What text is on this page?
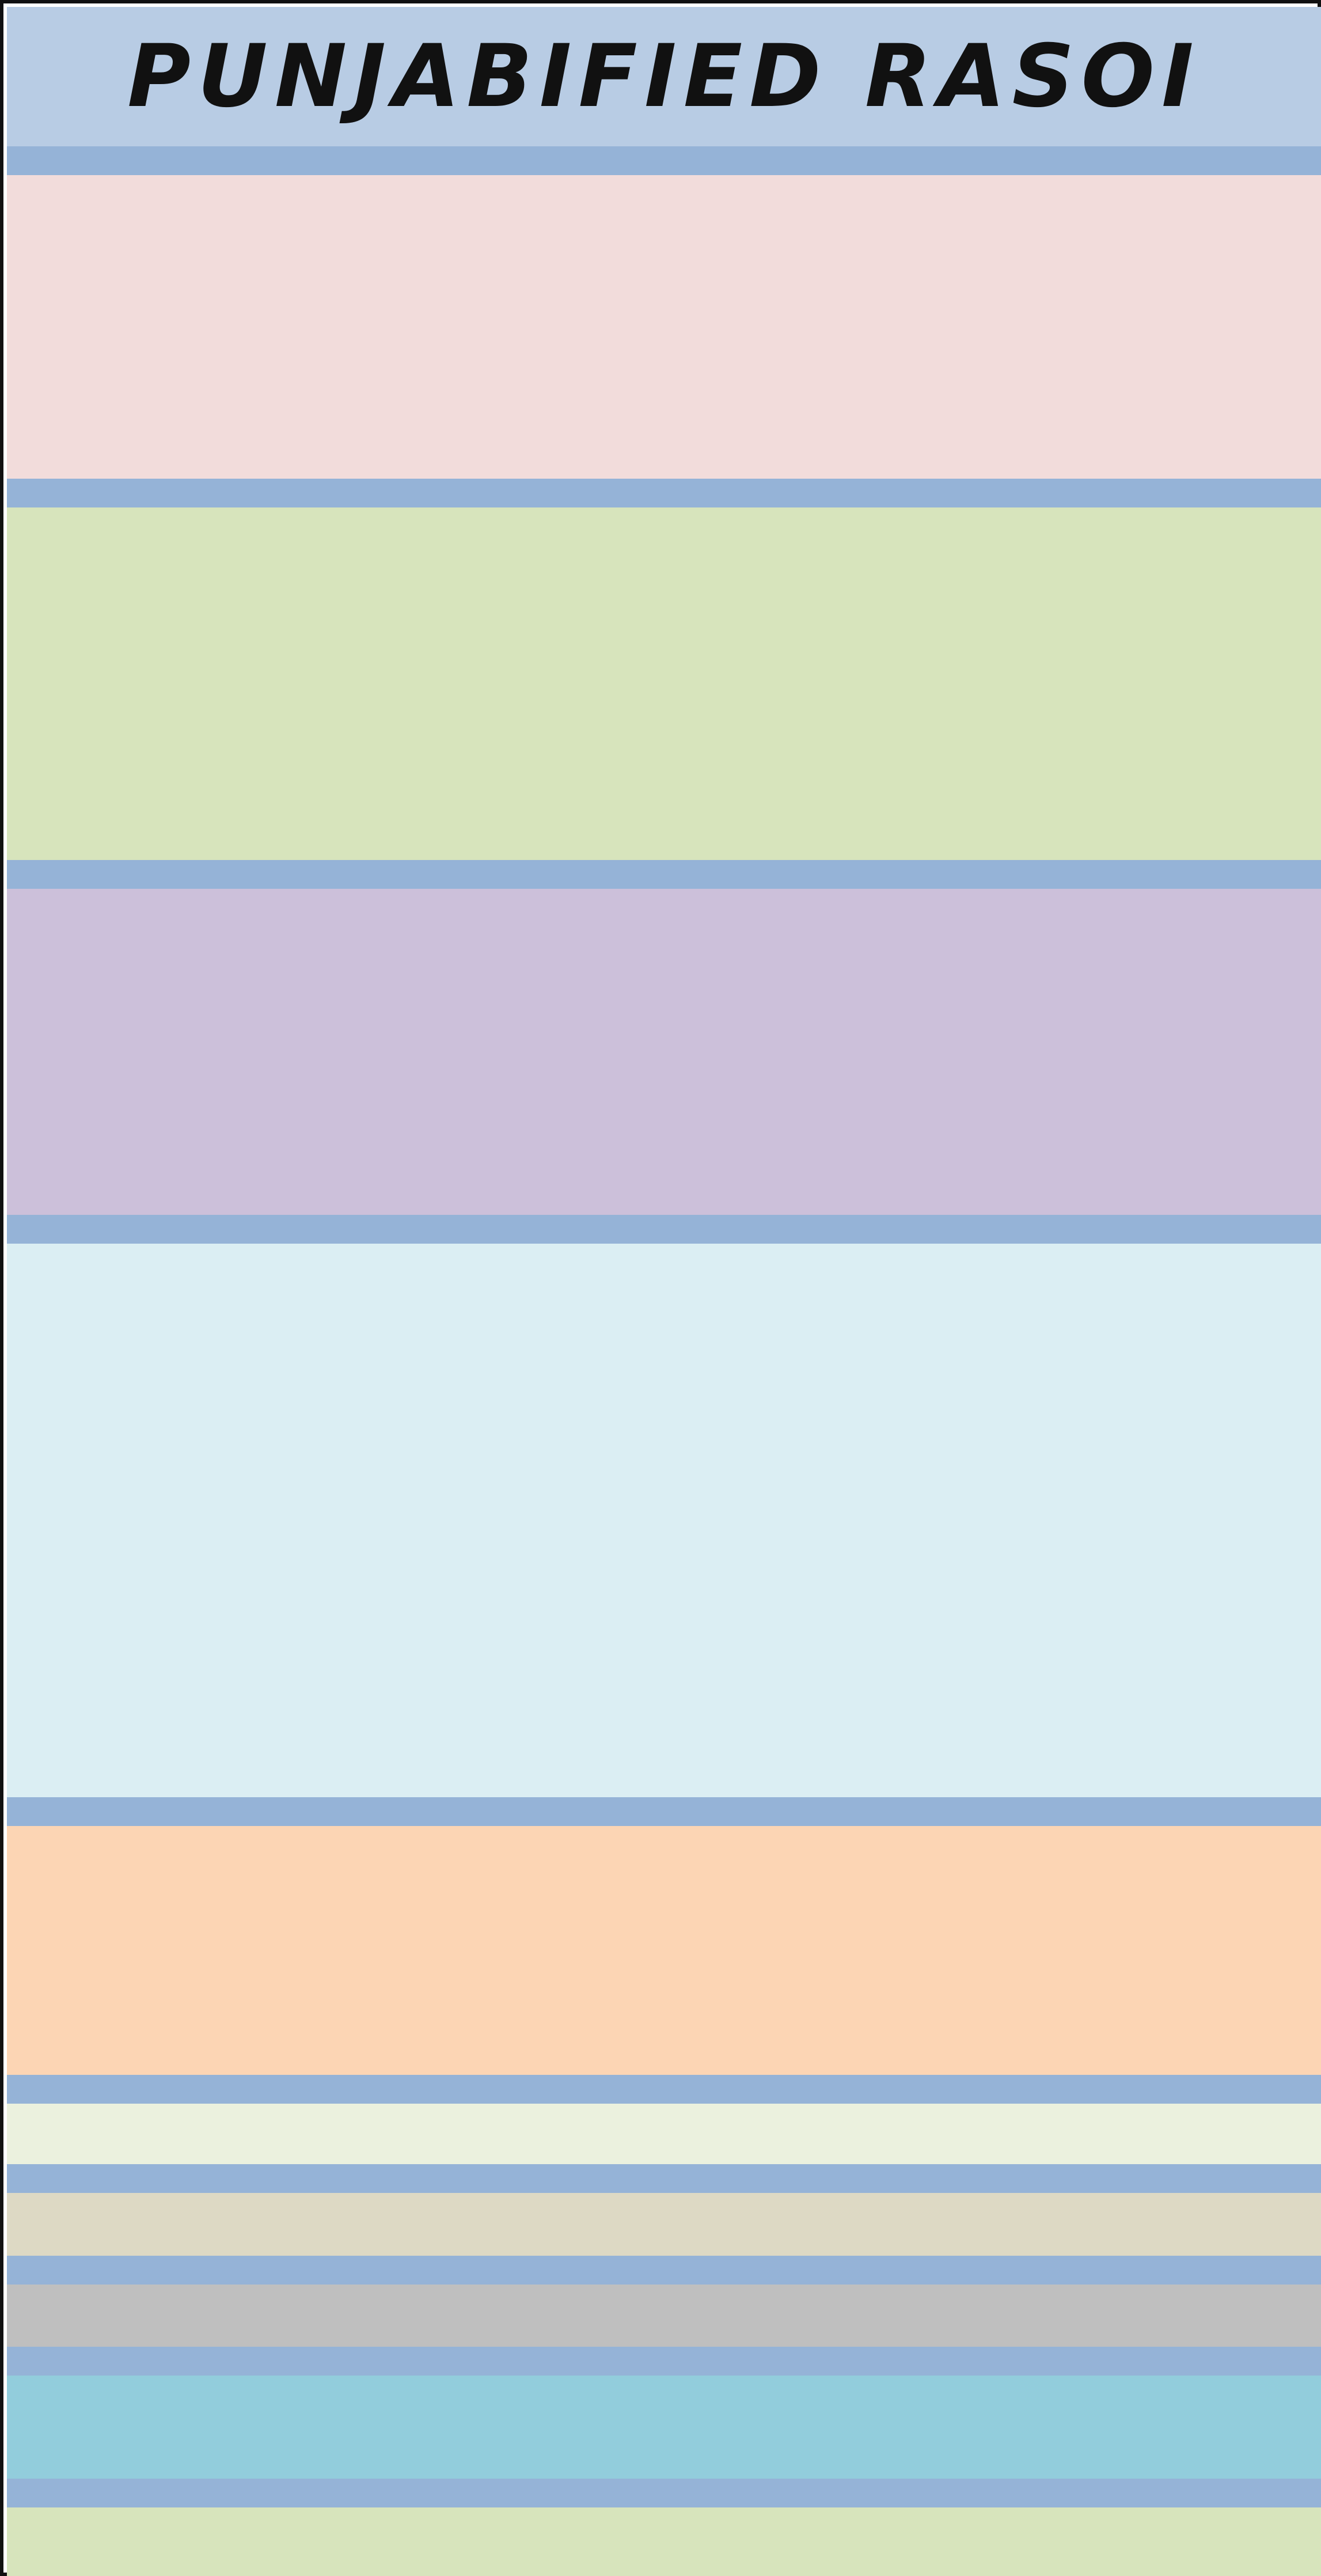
PUNJABIFIED RASOI
